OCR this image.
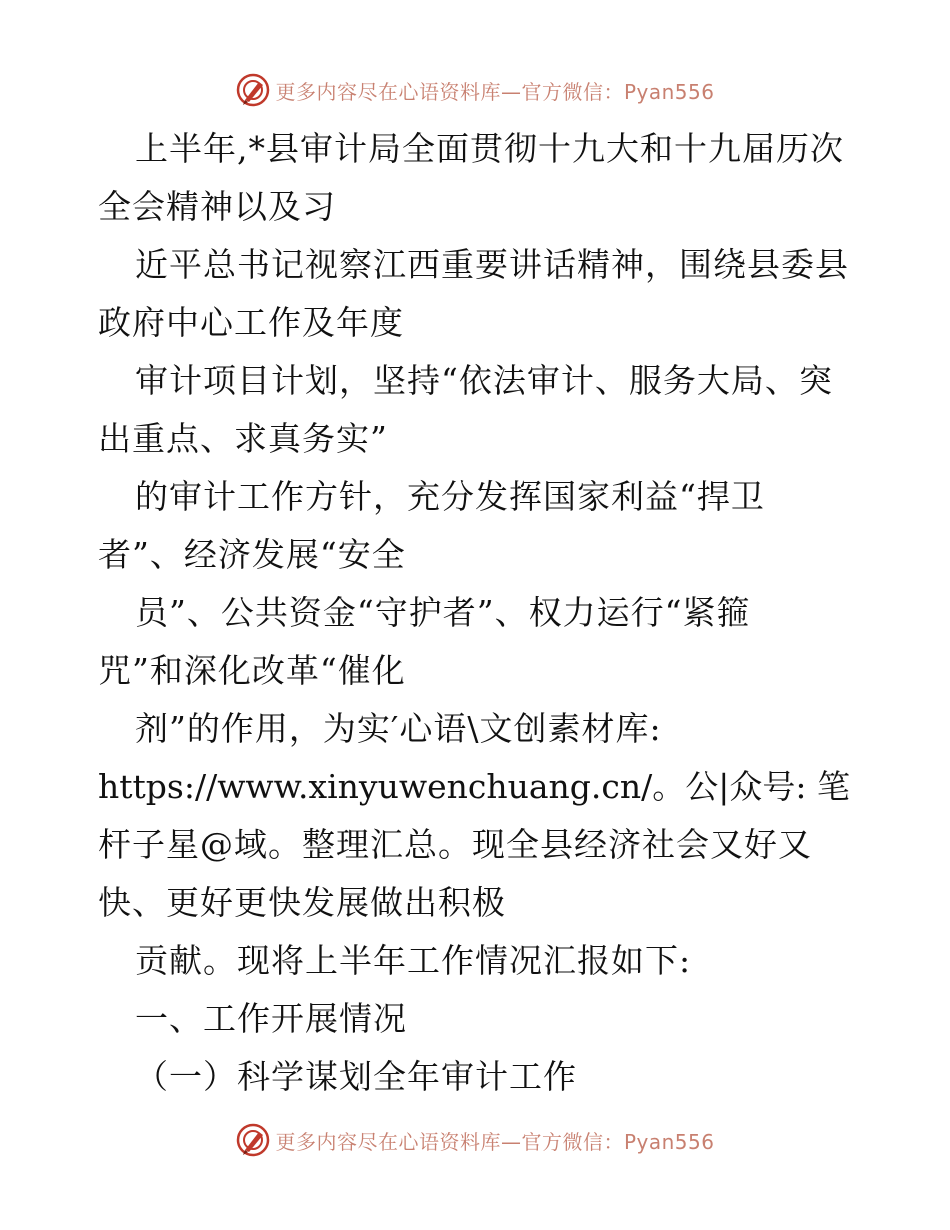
更多内容尽在心语资料库—官方微信：Pyan556
上半年,*县审计局全面贯彻十九大和十九届历次
全会精神以及习
近平总书记视察江西重要讲话精神，围绕县委县
政府中心工作及年度
审计项目计划，坚持“依法审计、服务大局、突
出重点、求真务实”
的审计工作方针，充分发挥国家利益“捍卫
者”、经济发展“安全
员”、公共资金“守护者”、权力运行“紧箍
咒”和深化改革“催化
剂”的作用，为实′心语\文创素材库:
https://www.xinyuwenchuang.cn/。公|众号: 笔
杆子星@域。整理汇总。现全县经济社会又好又
快、更好更快发展做出积极
贡献。现将上半年工作情况汇报如下:
一、工作开展情况
（一）科学谋划全年审计工作
更多内容尽在心语资料库—官方微信：Pyan556
